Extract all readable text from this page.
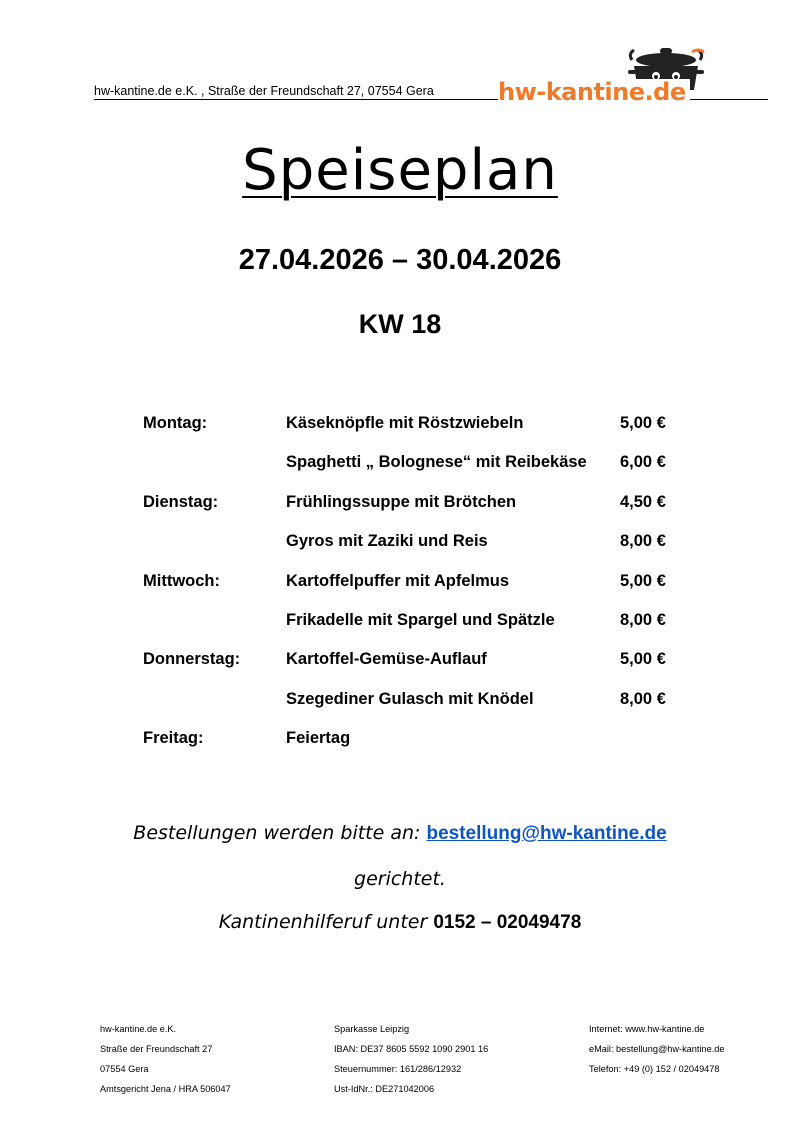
hw-kantine.de e.K. , Straße der Freundschaft 27, 07554 Gera	hw-kantine.de
Speiseplan
27.04.2026 – 30.04.2026
KW 18
Montag:	Käseknöpfle mit Röstzwiebeln	5,00 €
Spaghetti „ Bolognese“ mit Reibekäse 6,00 €
Dienstag:	Frühlingssuppe mit Brötchen	4,50 €
Gyros mit Zaziki und Reis	8,00 €
Mittwoch:	Kartoffelpuffer mit Apfelmus	5,00 €
Frikadelle mit Spargel und Spätzle	8,00 €
Donnerstag:	Kartoffel-Gemüse-Auflauf	5,00 €
Szegediner Gulasch mit Knödel	8,00 €
Freitag:	Feiertag
Bestellungen werden bitte an: bestellung@hw-kantine.de
gerichtet.
Kantinenhilferuf unter 0152 – 02049478
hw-kantine.de e.K.
Straße der Freundschaft 27
07554 Gera
Amtsgericht Jena / HRA 506047
Sparkasse Leipzig
IBAN: DE37 8605 5592 1090 2901 16
Steuernummer: 161/286/12932
Ust-IdNr.: DE271042006
Internet: www.hw-kantine.de
eMail: bestellung@hw-kantine.de
Telefon: +49 (0) 152 / 02049478
